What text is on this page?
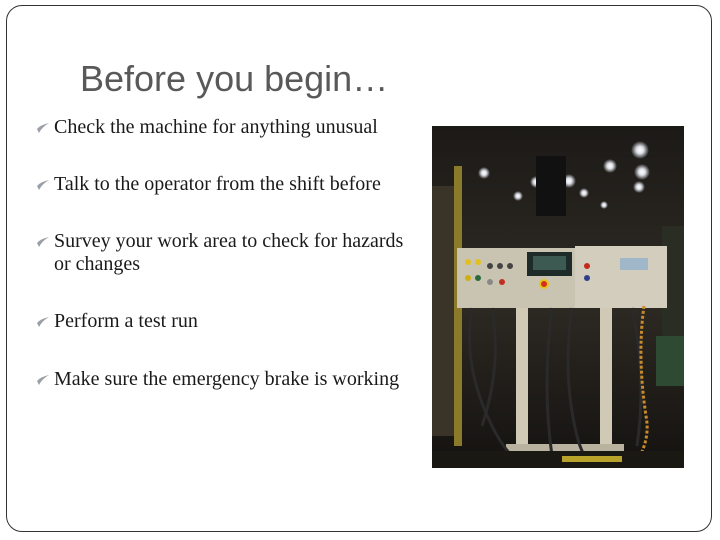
Before you begin…
Check the machine for anything unusual
Talk to the operator from the shift before
Survey your work area to check for hazards or changes
Perform a test run
Make sure the emergency brake is working
